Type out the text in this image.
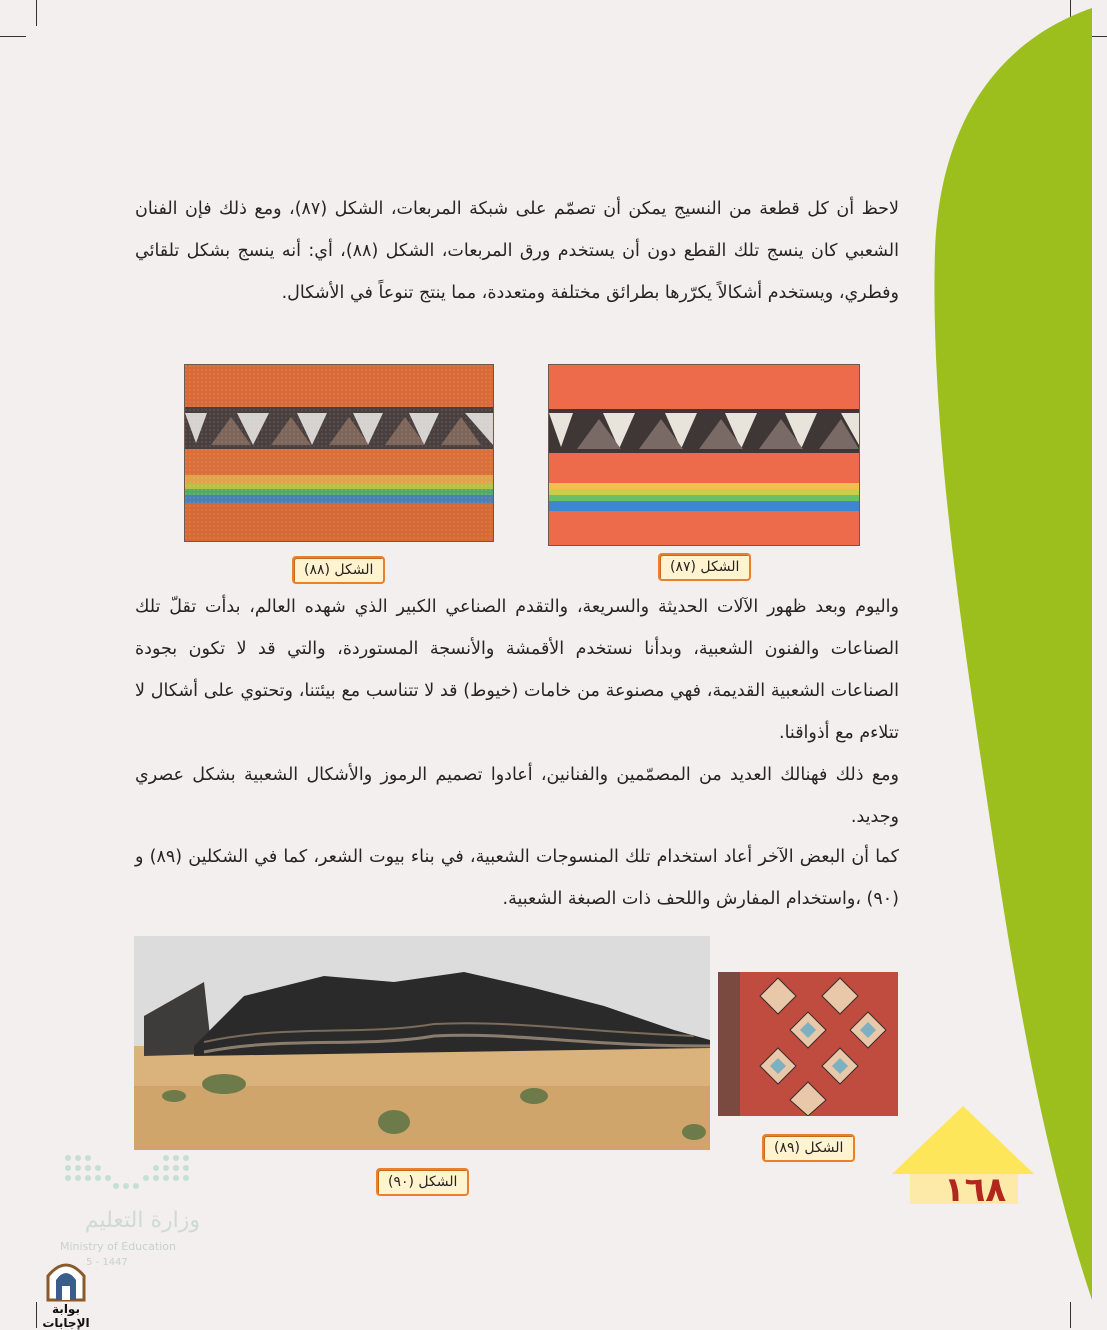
لاحظ أن كل قطعة من النسيج يمكن أن تصمّم على شبكة المربعات، الشكل (٨٧)، ومع ذلك فإن الفنان الشعبي كان ينسج تلك القطع دون أن يستخدم ورق المربعات، الشكل (٨٨)، أي: أنه ينسج بشكل تلقائي وفطري، ويستخدم أشكالاً يكرّرها بطرائق مختلفة ومتعددة، مما ينتج تنوعاً في الأشكال.
الشكل (٨٨)	الشكل (٨٧)
واليوم وبعد ظهور الآلات الحديثة والسريعة، والتقدم الصناعي الكبير الذي شهده العالم، بدأت تقلّ تلك الصناعات والفنون الشعبية، وبدأنا نستخدم الأقمشة والأنسجة المستوردة، والتي قد لا تكون بجودة الصناعات الشعبية القديمة، فهي مصنوعة من خامات (خيوط) قد لا تتناسب مع بيئتنا، وتحتوي على أشكال لا تتلاءم مع أذواقنا.
ومع ذلك فهنالك العديد من المصمّمين والفنانين، أعادوا تصميم الرموز والأشكال الشعبية بشكل عصري وجديد.
كما أن البعض الآخر أعاد استخدام تلك المنسوجات الشعبية، في بناء بيوت الشعر، كما في الشكلين (٨٩) و (٩٠) ،واستخدام المفارش واللحف ذات الصبغة الشعبية.
الشكل (٩٠)
الشكل (٨٩)
١٦٨
وزارة التعليم
Ministry of Education
5 - 1447
بوابة الإجابات
